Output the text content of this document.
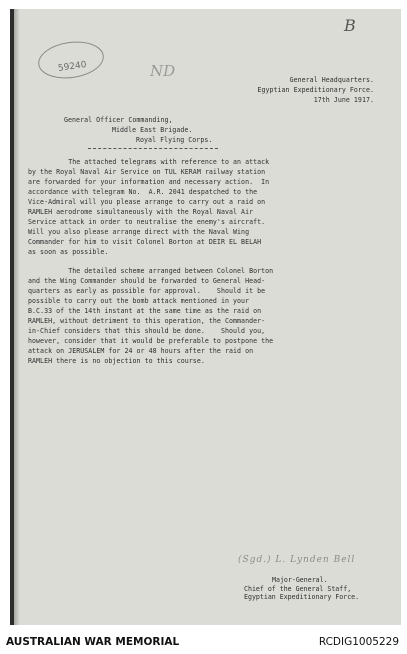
59240
B
ND	General Headquarters.
Egyptian Expeditionary Force.
17th June 1917.
General Officer Commanding,
Middle East Brigade.
Royal Flying Corps.
The attached telegrams with reference to an attack
by the Royal Naval Air Service on TUL KERAM railway station
are forwarded for your information and necessary action.  In
accordance with telegram No.  A.R. 2041 despatched to the
Vice-Admiral will you please arrange to carry out a raid on
RAMLEH aerodrome simultaneously with the Royal Naval Air
Service attack in order to neutralise the enemy's aircraft.
Will you also please arrange direct with the Naval Wing
Commander for him to visit Colonel Borton at DEIR EL BELAH
as soon as possible.
The detailed scheme arranged between Colonel Borton
and the Wing Commander should be forwarded to General Head-
quarters as early as possible for approval.    Should it be
possible to carry out the bomb attack mentioned in your
B.C.33 of the 14th instant at the same time as the raid on
RAMLEH, without detriment to this operation, the Commander-
in-Chief considers that this should be done.    Should you,
however, consider that it would be preferable to postpone the
attack on JERUSALEM for 24 or 48 hours after the raid on
RAMLEH there is no objection to this course.
(Sgd.) L. Lynden Bell
Major-General.
Chief of the General Staff,
Egyptian Expeditionary Force.
AUSTRALIAN WAR MEMORIAL	RCDIG1005229
